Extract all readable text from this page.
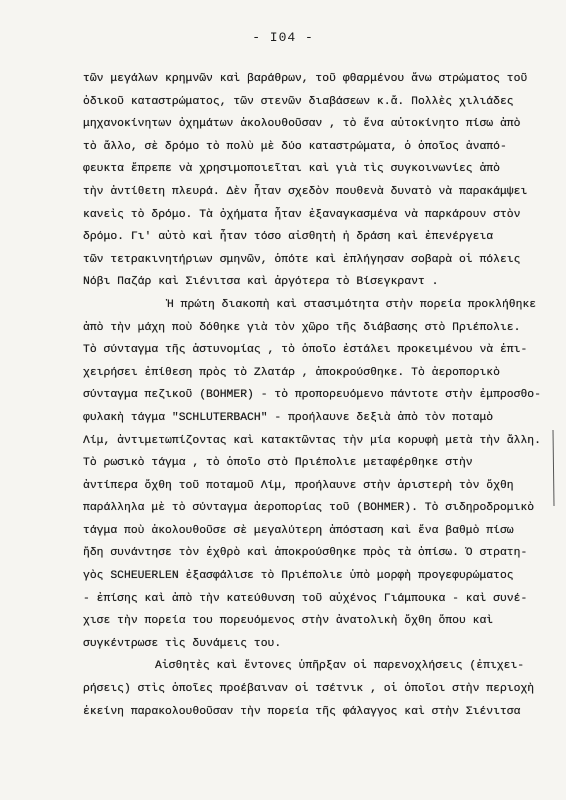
- I04 -
τῶν μεγάλων κρημνῶν καὶ βαράθρων, τοῦ φθαρμένου ἄνω στρώματος τοῦ
ὁδικοῦ καταστρώματος, τῶν στενῶν διαβάσεων κ.ἄ. Πολλὲς χιλιάδες
μηχανοκίνητων ὀχημάτων ἀκολουθοῦσαν , τὸ ἕνα αὐτοκίνητο πίσω ἀπὸ
τὸ ἄλλο, σὲ δρόμο τὸ πολὺ μὲ δύο καταστρώματα, ὁ ὁποῖος ἀναπό-
φευκτα ἔπρεπε νὰ χρησιμοποιεῖται καὶ γιὰ τὶς συγκοινωνίες ἀπὸ
τὴν ἀντίθετη πλευρά. Δὲν ἦταν σχεδὸν πουθενὰ δυνατὸ νὰ παρακάμψει
κανεὶς τὸ δρόμο. Τὰ ὀχήματα ἦταν ἐξαναγκασμένα νὰ παρκάρουν στὸν
δρόμο. Γι' αὐτὸ καὶ ἦταν τόσο αἰσθητὴ ἡ δράση καὶ ἐπενέργεια
τῶν τετρακινητήριων σμηνῶν, ὁπότε καὶ ἐπλήγησαν σοβαρὰ οἱ πόλεις
Νόβι Παζάρ καὶ Σιένιτσα καὶ ἀργότερα τὸ Βίσεγκραντ .
Ἡ πρώτη διακοπὴ καὶ στασιμότητα στὴν πορεία προκλήθηκε
ἀπὸ τὴν μάχη ποὺ δόθηκε γιὰ τὸν χῶρο τῆς διάβασης στὸ Πριέπολιε.
Τὸ σύνταγμα τῆς ἀστυνομίας , τὸ ὁποῖο ἐστάλει προκειμένου νὰ ἐπι-
χειρήσει ἐπίθεση πρὸς τὸ Ζλατάρ , ἀποκρούσθηκε. Τὸ ἀεροπορικὸ
σύνταγμα πεζικοῦ (BOHMER) - τὸ προπορευόμενο πάντοτε στὴν ἐμπροσθο-
φυλακὴ τάγμα "SCHLUTERBACH" - προήλαυνε δεξιὰ ἀπὸ τὸν ποταμὸ
Λίμ, ἀντιμετωπίζοντας καὶ κατακτῶντας τὴν μία κορυφὴ μετὰ τὴν ἄλλη.
Τὸ ρωσικὸ τάγμα , τὸ ὁποῖο στὸ Πριέπολιε μεταφέρθηκε στὴν
ἀντίπερα ὄχθη τοῦ ποταμοῦ Λίμ, προήλαυνε στὴν ἀριστερὴ τὸν ὄχθη
παράλληλα μὲ τὸ σύνταγμα ἀεροπορίας τοῦ (BOHMER). Τὸ σιδηροδρομικὸ
τάγμα ποὺ ἀκολουθοῦσε σὲ μεγαλύτερη ἀπόσταση καὶ ἕνα βαθμὸ πίσω
ἤδη συνάντησε τὸν ἐχθρὸ καὶ ἀποκρούσθηκε πρὸς τὰ ὀπίσω. Ὁ στρατη-
γὸς SCHEUERLEN ἐξασφάλισε τὸ Πριέπολιε ὑπὸ μορφὴ προγεφυρώματος
- ἐπίσης καὶ ἀπὸ τὴν κατεύθυνση τοῦ αὐχένος Γιάμπουκα - καὶ συνέ-
χισε τὴν πορεία του πορευόμενος στὴν ἀνατολικὴ ὄχθη ὅπου καὶ
συγκέντρωσε τὶς δυνάμεις του.
Αἰσθητὲς καὶ ἔντονες ὑπῆρξαν οἱ παρενοχλήσεις (ἐπιχει-
ρήσεις) στὶς ὁποῖες προέβαιναν οἱ τσέτνικ , οἱ ὁποῖοι στὴν περιοχὴ
ἐκείνη παρακολουθοῦσαν τὴν πορεία τῆς φάλαγγος καὶ στὴν Σιένιτσα
